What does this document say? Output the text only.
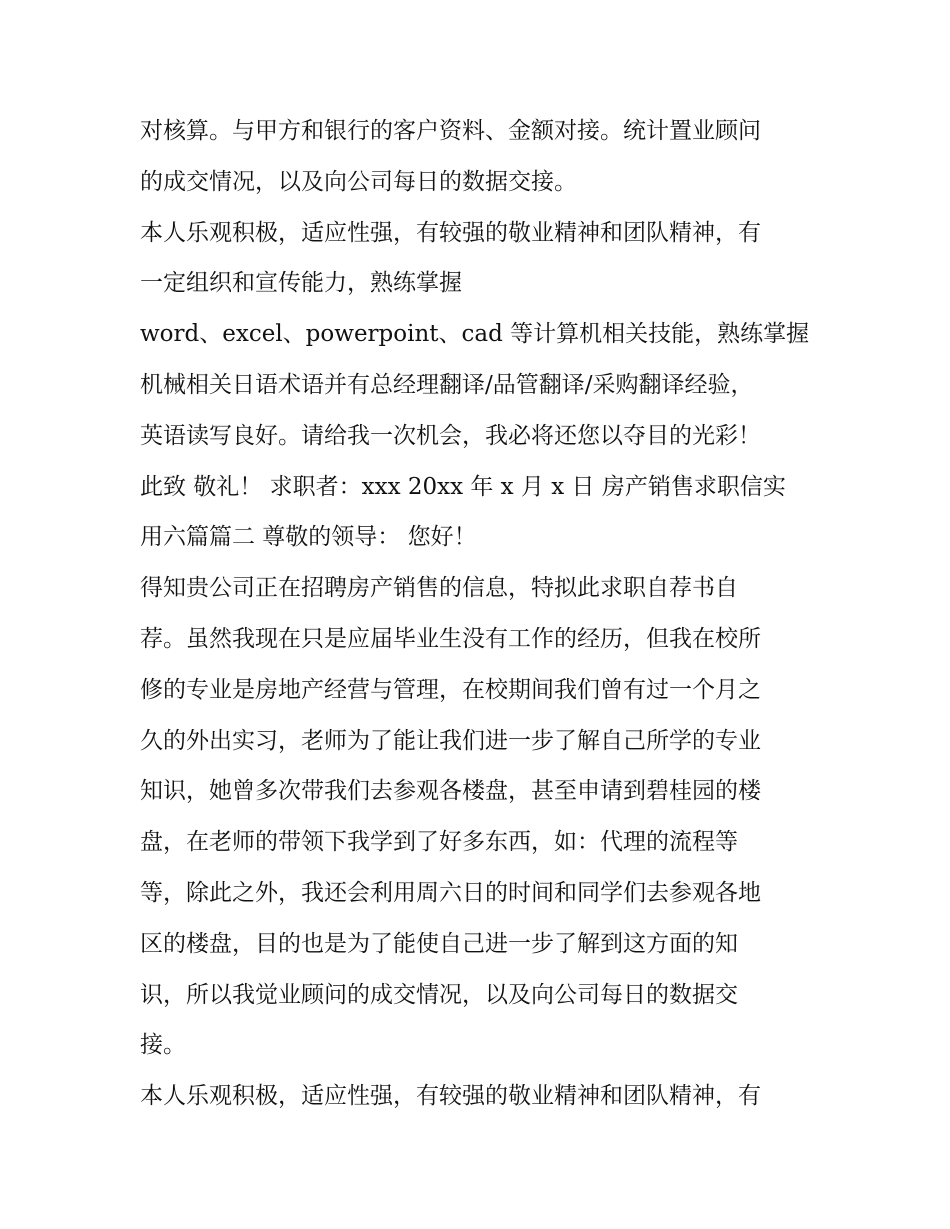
对核算。与甲方和银行的客户资料、金额对接。统计置业顾问
的成交情况，以及向公司每日的数据交接。
本人乐观积极，适应性强，有较强的敬业精神和团队精神，有
一定组织和宣传能力，熟练掌握
word、excel、powerpoint、cad 等计算机相关技能，熟练掌握
机械相关日语术语并有总经理翻译/品管翻译/采购翻译经验，
英语读写良好。请给我一次机会，我必将还您以夺目的光彩！
此致 敬礼！ 求职者：xxx 20xx 年 x 月 x 日 房产销售求职信实
用六篇篇二 尊敬的领导： 您好！
得知贵公司正在招聘房产销售的信息，特拟此求职自荐书自
荐。虽然我现在只是应届毕业生没有工作的经历，但我在校所
修的专业是房地产经营与管理，在校期间我们曾有过一个月之
久的外出实习，老师为了能让我们进一步了解自己所学的专业
知识，她曾多次带我们去参观各楼盘，甚至申请到碧桂园的楼
盘，在老师的带领下我学到了好多东西，如：代理的流程等
等，除此之外，我还会利用周六日的时间和同学们去参观各地
区的楼盘，目的也是为了能使自己进一步了解到这方面的知
识，所以我觉业顾问的成交情况，以及向公司每日的数据交
接。
本人乐观积极，适应性强，有较强的敬业精神和团队精神，有
